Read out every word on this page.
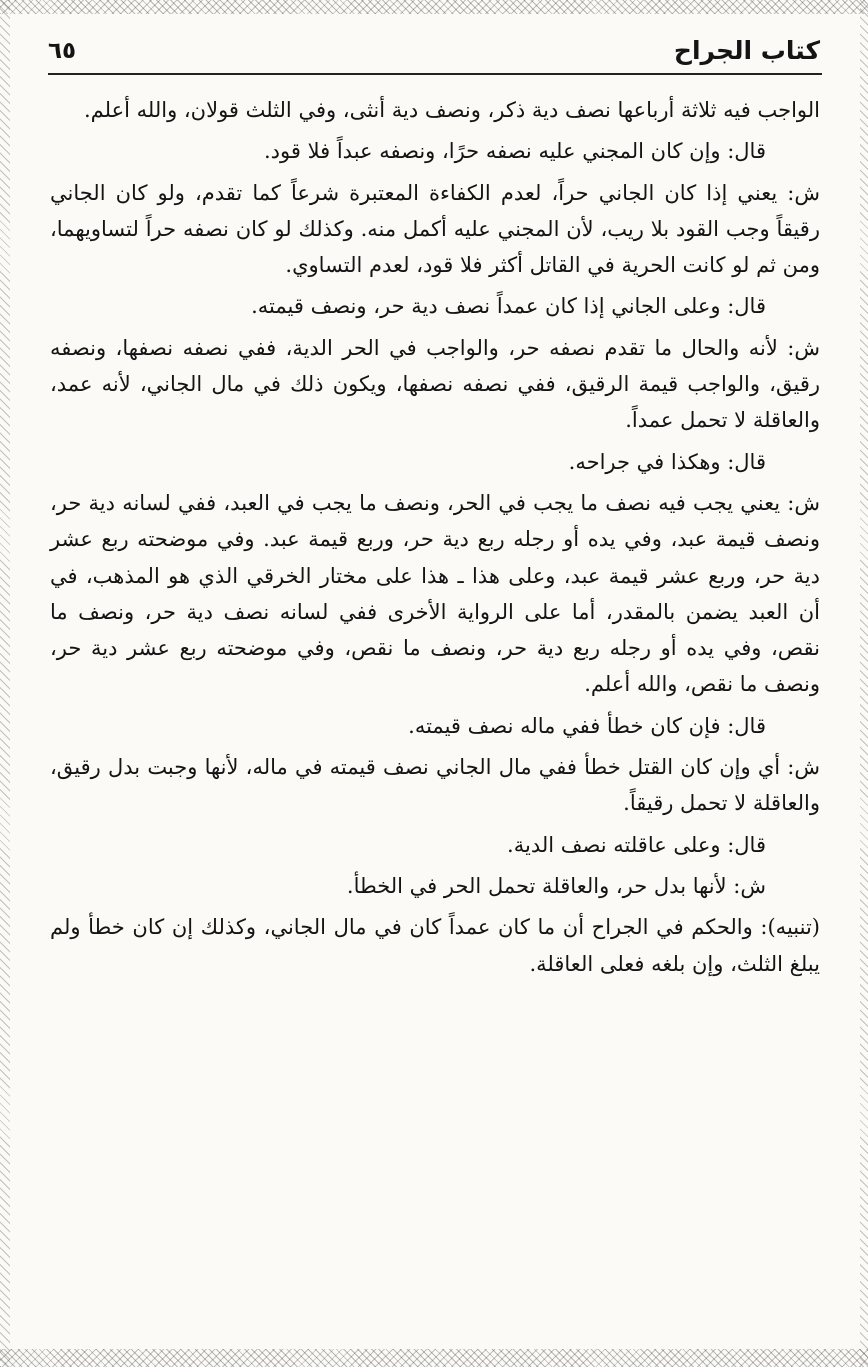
كتاب الجراح
٦٥

الواجب فيه ثلاثة أرباعها نصف دية ذكر، ونصف دية أنثى، وفي الثلث قولان، والله أعلم.

قال: وإن كان المجني عليه نصفه حرًا، ونصفه عبداً فلا قود.

ش: يعني إذا كان الجاني حراً، لعدم الكفاءة المعتبرة شرعاً كما تقدم، ولو كان الجاني رقيقاً وجب القود بلا ريب، لأن المجني عليه أكمل منه. وكذلك لو كان نصفه حراً لتساويهما، ومن ثم لو كانت الحرية في القاتل أكثر فلا قود، لعدم التساوي.

قال: وعلى الجاني إذا كان عمداً نصف دية حر، ونصف قيمته.

ش: لأنه والحال ما تقدم نصفه حر، والواجب في الحر الدية، ففي نصفه نصفها، ونصفه رقيق، والواجب قيمة الرقيق، ففي نصفه نصفها، ويكون ذلك في مال الجاني، لأنه عمد، والعاقلة لا تحمل عمداً.

قال: وهكذا في جراحه.

ش: يعني يجب فيه نصف ما يجب في الحر، ونصف ما يجب في العبد، ففي لسانه دية حر، ونصف قيمة عبد، وفي يده أو رجله ربع دية حر، وربع قيمة عبد. وفي موضحته ربع عشر دية حر، وربع عشر قيمة عبد، وعلى هذا ـ هذا على مختار الخرقي الذي هو المذهب، في أن العبد يضمن بالمقدر، أما على الرواية الأخرى ففي لسانه نصف دية حر، ونصف ما نقص، وفي يده أو رجله ربع دية حر، ونصف ما نقص، وفي موضحته ربع عشر دية حر، ونصف ما نقص، والله أعلم.

قال: فإن كان خطأ ففي ماله نصف قيمته.

ش: أي وإن كان القتل خطأ ففي مال الجاني نصف قيمته في ماله، لأنها وجبت بدل رقيق، والعاقلة لا تحمل رقيقاً.

قال: وعلى عاقلته نصف الدية.

ش: لأنها بدل حر، والعاقلة تحمل الحر في الخطأ.

(تنبيه): والحكم في الجراح أن ما كان عمداً كان في مال الجاني، وكذلك إن كان خطأ ولم يبلغ الثلث، وإن بلغه فعلى العاقلة.
